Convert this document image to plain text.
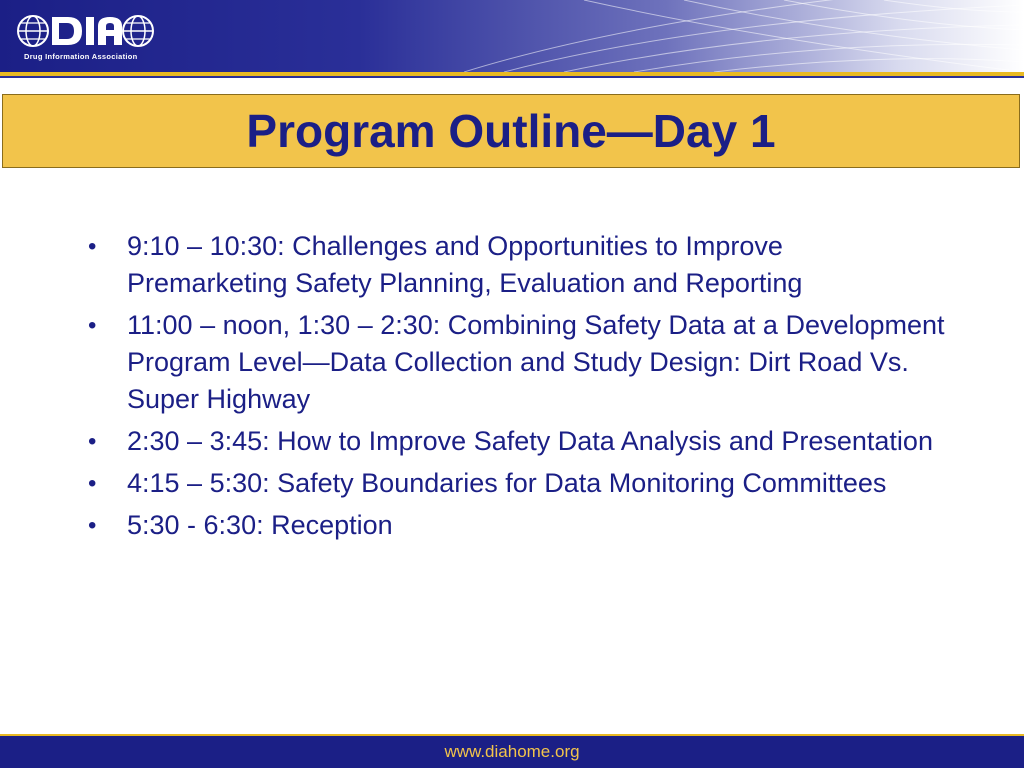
Drug Information Association
Program Outline—Day 1
• 9:10 – 10:30: Challenges and Opportunities to Improve Premarketing Safety Planning, Evaluation and Reporting
• 11:00 – noon, 1:30 – 2:30: Combining Safety Data at a Development Program Level—Data Collection and Study Design: Dirt Road Vs. Super Highway
• 2:30 – 3:45: How to Improve Safety Data Analysis and Presentation
• 4:15 – 5:30: Safety Boundaries for Data Monitoring Committees
• 5:30 - 6:30: Reception
www.diahome.org
